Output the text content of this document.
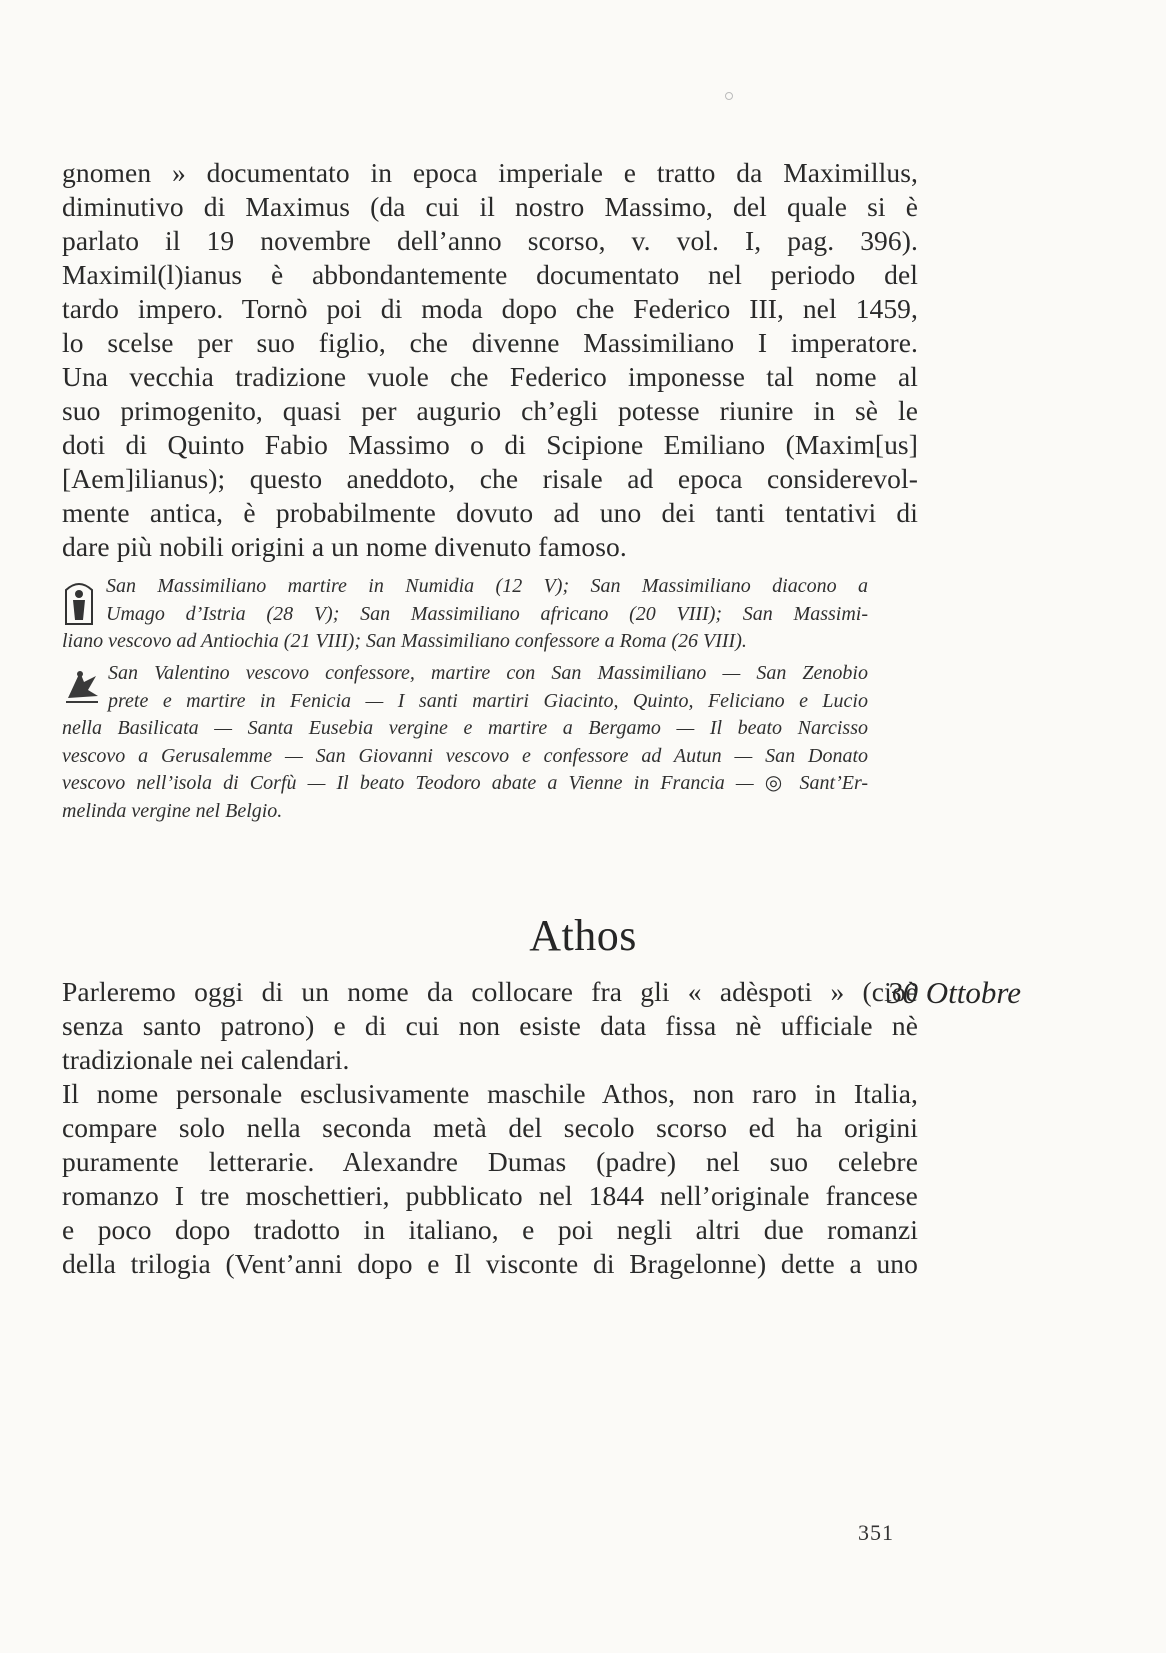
gnomen » documentato in epoca imperiale e tratto da Maximillus,
diminutivo di Maximus (da cui il nostro Massimo, del quale si è
parlato il 19 novembre dell’anno scorso, v. vol. I, pag. 396).
Maximil(l)ianus è abbondantemente documentato nel periodo del
tardo impero. Tornò poi di moda dopo che Federico III, nel 1459,
lo scelse per suo figlio, che divenne Massimiliano I imperatore.
Una vecchia tradizione vuole che Federico imponesse tal nome al
suo primogenito, quasi per augurio ch’egli potesse riunire in sè le
doti di Quinto Fabio Massimo o di Scipione Emiliano (Maxim[us]
[Aem]ilianus); questo aneddoto, che risale ad epoca considerevol-
mente antica, è probabilmente dovuto ad uno dei tanti tentativi di
dare più nobili origini a un nome divenuto famoso.

San Massimiliano martire in Numidia (12 V); San Massimiliano diacono a
Umago d’Istria (28 V); San Massimiliano africano (20 VIII); San Massimi-
liano vescovo ad Antiochia (21 VIII); San Massimiliano confessore a Roma (26 VIII).
San Valentino vescovo confessore, martire con San Massimiliano — San Zenobio
prete e martire in Fenicia — I santi martiri Giacinto, Quinto, Feliciano e Lucio
nella Basilicata — Santa Eusebia vergine e martire a Bergamo — Il beato Narcisso
vescovo a Gerusalemme — San Giovanni vescovo e confessore ad Autun — San Donato
vescovo nell’isola di Corfù — Il beato Teodoro abate a Vienne in Francia — ◎ Sant’Er-
melinda vergine nel Belgio.
Athos
30 Ottobre

Parleremo oggi di un nome da collocare fra gli « adèspoti » (cioè
senza santo patrono) e di cui non esiste data fissa nè ufficiale nè
tradizionale nei calendari.

Il nome personale esclusivamente maschile Athos, non raro in Italia,
compare solo nella seconda metà del secolo scorso ed ha origini
puramente letterarie. Alexandre Dumas (padre) nel suo celebre
romanzo I tre moschettieri, pubblicato nel 1844 nell’originale francese
e poco dopo tradotto in italiano, e poi negli altri due romanzi
della trilogia (Vent’anni dopo e Il visconte di Bragelonne) dette a uno

351
